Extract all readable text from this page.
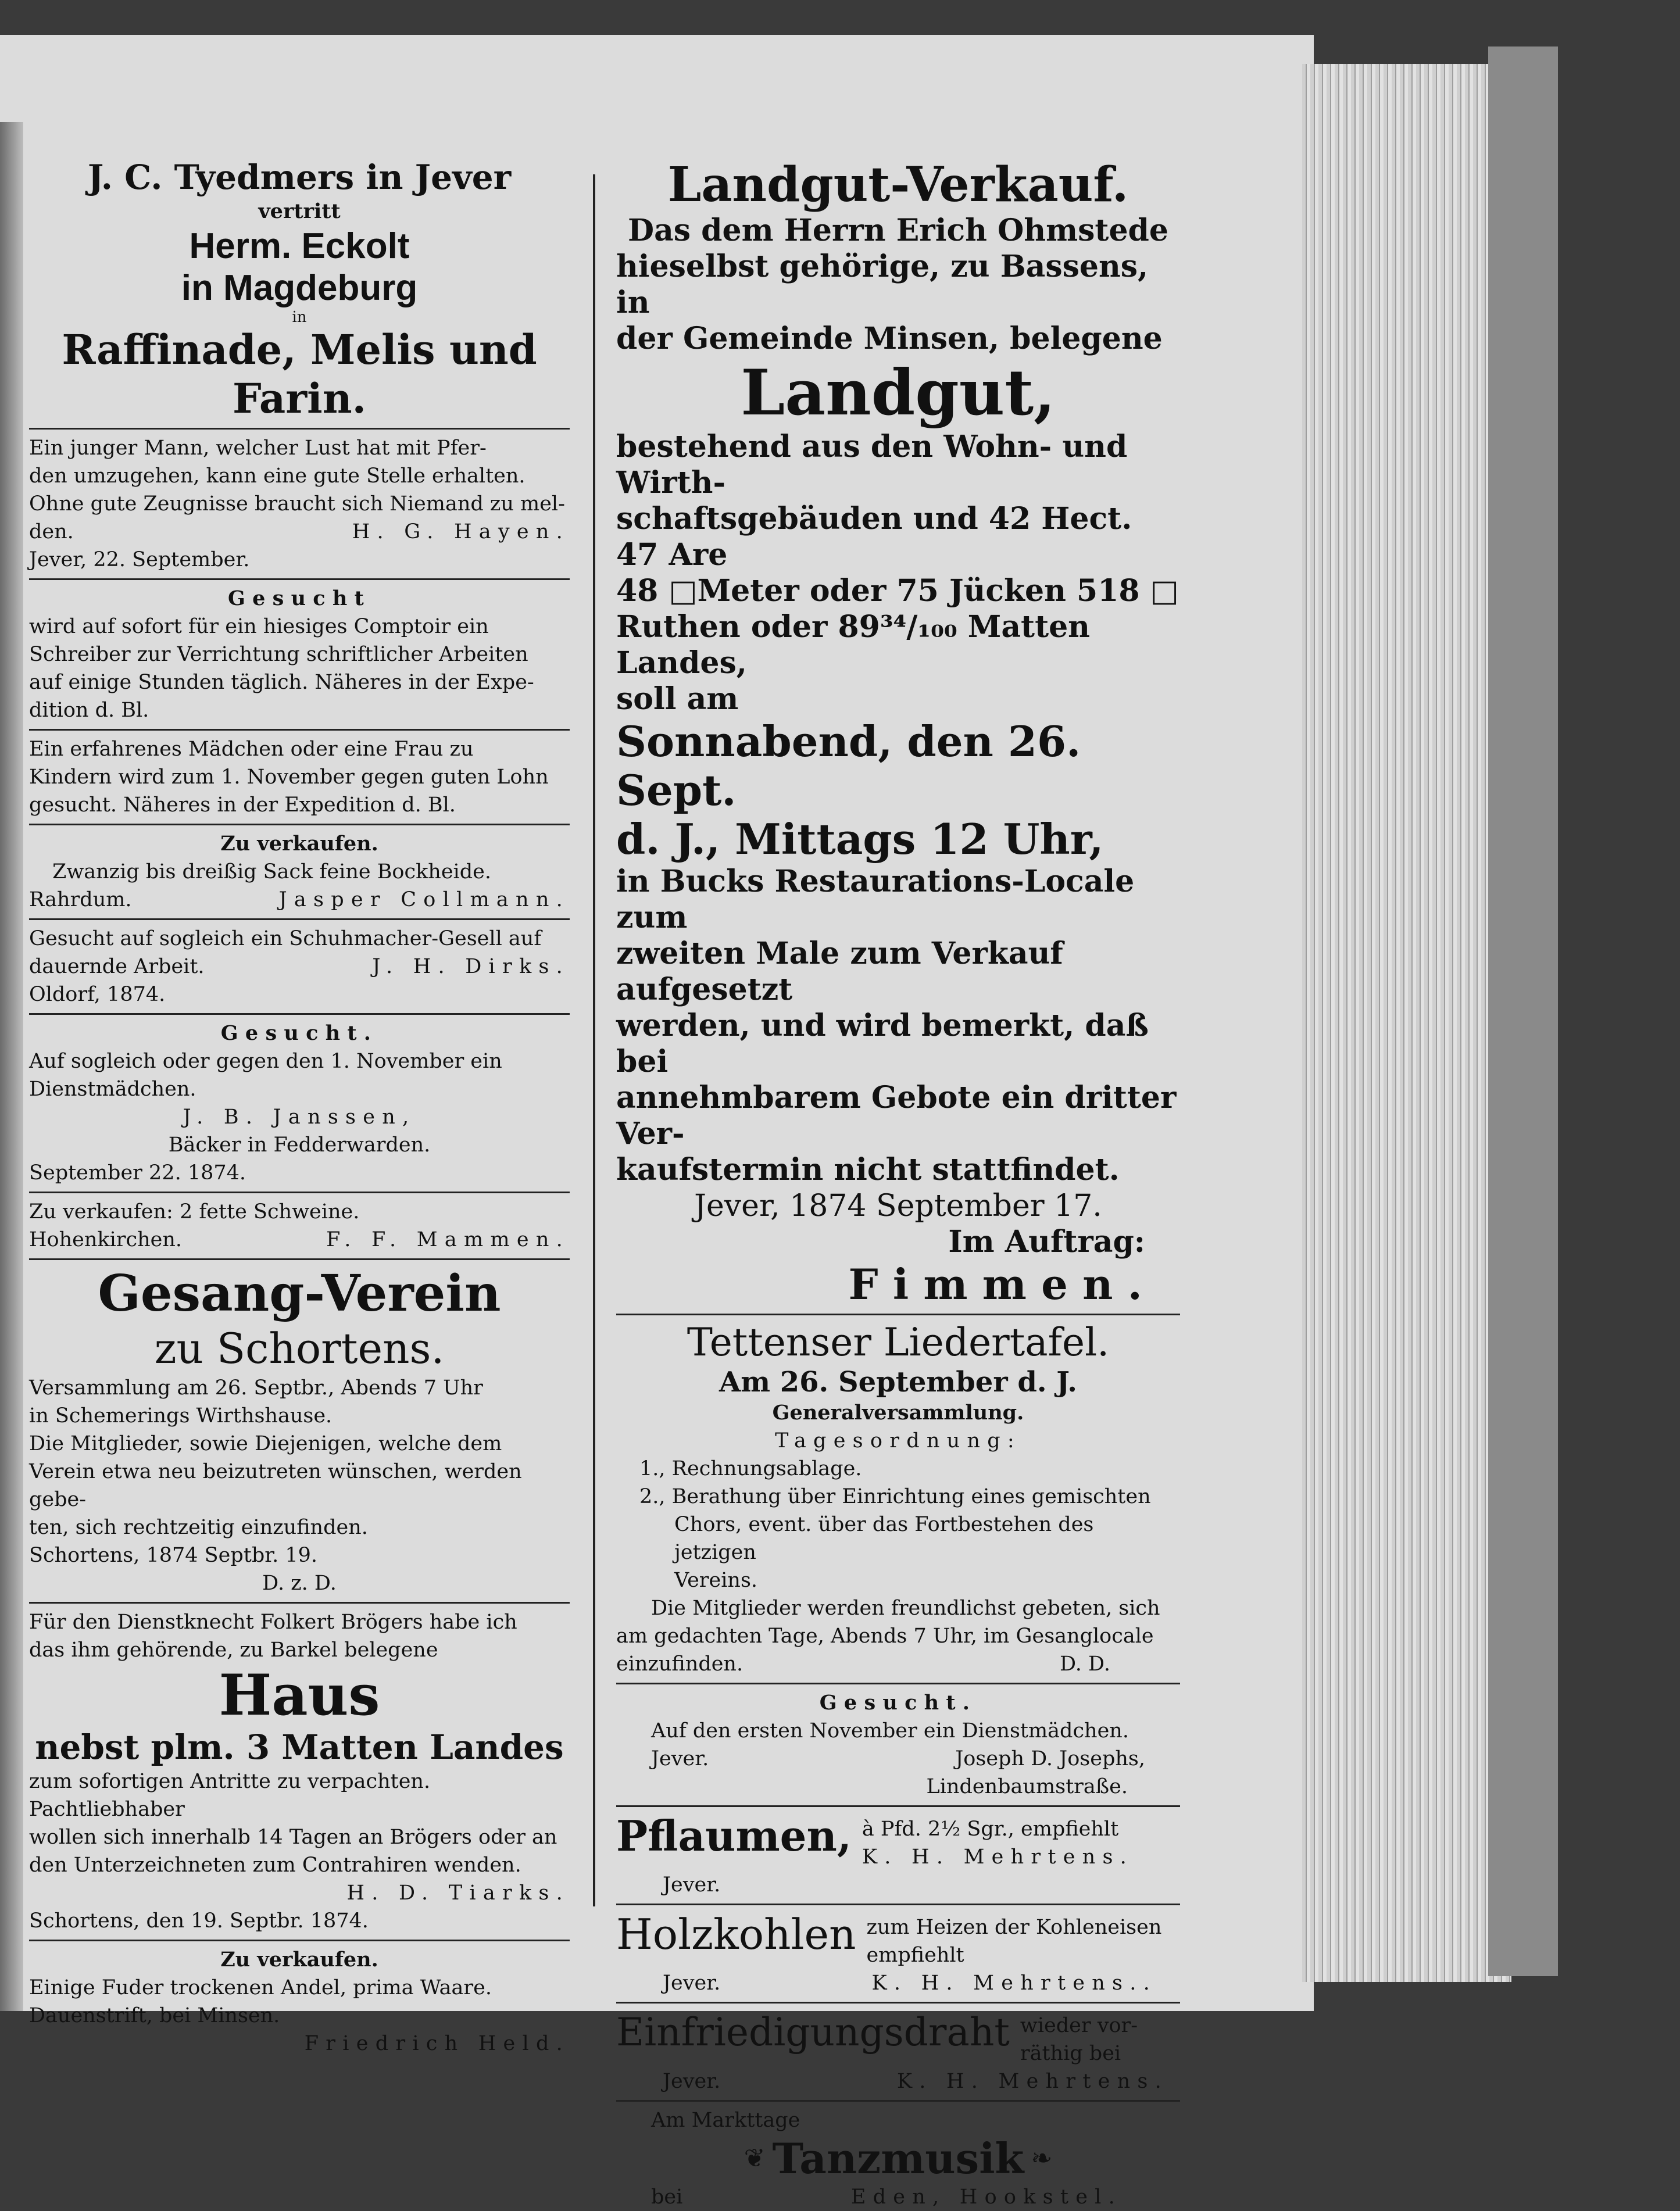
J. C. Tyedmers in Jever

vertritt

Herm. Eckolt

in Magdeburg

in

Raffinade, Melis und Farin.

Ein junger Mann, welcher Lust hat mit Pfer-

den umzugehen, kann eine gute Stelle erhalten.

Ohne gute Zeugnisse braucht sich Niemand zu mel-

den.	H. G. Hayen.

Jever, 22. September.

Gesucht

wird auf sofort für ein hiesiges Comptoir ein

Schreiber zur Verrichtung schriftlicher Arbeiten

auf einige Stunden täglich. Näheres in der Expe-

dition d. Bl.

Ein erfahrenes Mädchen oder eine Frau zu

Kindern wird zum 1. November gegen guten Lohn

gesucht. Näheres in der Expedition d. Bl.

Zu verkaufen.

Zwanzig bis dreißig Sack feine Bockheide.

Rahrdum.	Jasper Collmann.

Gesucht auf sogleich ein Schuhmacher-Gesell auf

dauernde Arbeit.	J. H. Dirks.

Oldorf, 1874.

Gesucht.

Auf sogleich oder gegen den 1. November ein

Dienstmädchen.

J. B. Janssen,

Bäcker in Fedderwarden.

September 22. 1874.

Zu verkaufen: 2 fette Schweine.

Hohenkirchen.	F. F. Mammen.

Gesang-Verein

zu Schortens.

Versammlung am 26. Septbr., Abends 7 Uhr

in Schemerings Wirthshause.

Die Mitglieder, sowie Diejenigen, welche dem

Verein etwa neu beizutreten wünschen, werden gebe-

ten, sich rechtzeitig einzufinden.

Schortens, 1874 Septbr. 19.

D. z. D.

Für den Dienstknecht Folkert Brögers habe ich

das ihm gehörende, zu Barkel belegene

Haus

nebst plm. 3 Matten Landes

zum sofortigen Antritte zu verpachten. Pachtliebhaber

wollen sich innerhalb 14 Tagen an Brögers oder an

den Unterzeichneten zum Contrahiren wenden.

H. D. Tiarks.

Schortens, den 19. Septbr. 1874.

Zu verkaufen.

Einige Fuder trockenen Andel, prima Waare.

Dauenstrift, bei Minsen.

Friedrich Held.

Landgut-Verkauf.

Das dem Herrn Erich Ohmstede

hieselbst gehörige, zu Bassens, in

der Gemeinde Minsen, belegene

Landgut,

bestehend aus den Wohn- und Wirth-

schaftsgebäuden und 42 Hect. 47 Are

48 □Meter oder 75 Jücken 518 □

Ruthen oder 89³⁴/₁₀₀ Matten Landes,

soll am

Sonnabend, den 26. Sept.

d. J., Mittags 12 Uhr,

in Bucks Restaurations-Locale zum

zweiten Male zum Verkauf aufgesetzt

werden, und wird bemerkt, daß bei

annehmbarem Gebote ein dritter Ver-

kaufstermin nicht stattfindet.

Jever, 1874 September 17.

Im Auftrag:

Fimmen.

Tettenser Liedertafel.

Am 26. September d. J.

Generalversammlung.

Tagesordnung:

1., Rechnungsablage.

2., Berathung über Einrichtung eines gemischten

Chors, event. über das Fortbestehen des jetzigen

Vereins.

Die Mitglieder werden freundlichst gebeten, sich

am gedachten Tage, Abends 7 Uhr, im Gesanglocale

einzufinden.	D. D.

Gesucht.

Auf den ersten November ein Dienstmädchen.

Jever.	Joseph D. Josephs,

Lindenbaumstraße.

Pflaumen, à Pfd. 2½ Sgr., empfiehlt

K. H. Mehrtens.

Jever.

Holzkohlen zum Heizen der Kohleneisen

empfiehlt

Jever.	K. H. Mehrtens..
Einfriedigungsdraht wieder vor-

räthig bei

Jever.	K. H. Mehrtens.

Am Markttage

❦ Tanzmusik ❧
bei	Eden, Hookstel.
